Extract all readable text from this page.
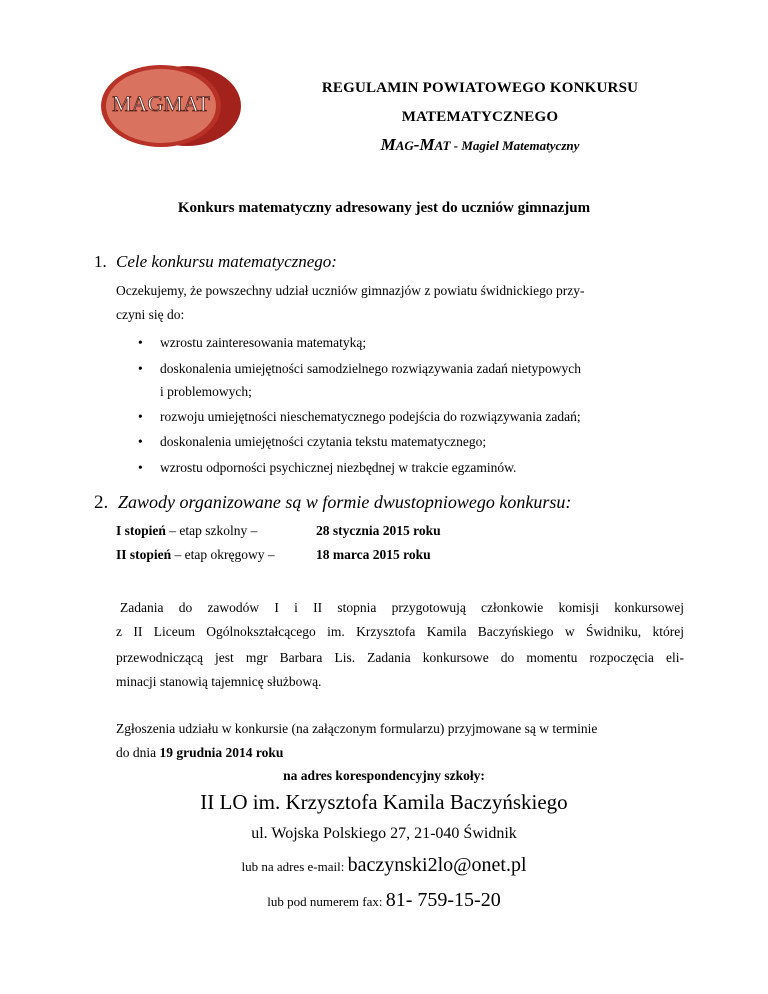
MAGMAT
REGULAMIN POWIATOWEGO KONKURSU
MATEMATYCZNEGO
MAG-MAT - Magiel Matematyczny
Konkurs matematyczny adresowany jest do uczniów gimnazjum
1. Cele konkursu matematycznego:
Oczekujemy, że powszechny udział uczniów gimnazjów z powiatu świdnickiego przy-
czyni się do:
• wzrostu zainteresowania matematyką;
• doskonalenia umiejętności samodzielnego rozwiązywania zadań nietypowych
i problemowych;
• rozwoju umiejętności nieschematycznego podejścia do rozwiązywania zadań;
• doskonalenia umiejętności czytania tekstu matematycznego;
• wzrostu odporności psychicznej niezbędnej w trakcie egzaminów.
2. Zawody organizowane są w formie dwustopniowego konkursu:
I stopień – etap szkolny –	28 stycznia 2015 roku
II stopień – etap okręgowy –	18 marca 2015 roku
Zadania do zawodów I i II stopnia przygotowują członkowie komisji konkursowej
z II Liceum Ogólnokształcącego im. Krzysztofa Kamila Baczyńskiego w Świdniku, której
przewodniczącą jest mgr Barbara Lis. Zadania konkursowe do momentu rozpoczęcia eli-
minacji stanowią tajemnicę służbową.
Zgłoszenia udziału w konkursie (na załączonym formularzu) przyjmowane są w terminie
do dnia 19 grudnia 2014 roku
na adres korespondencyjny szkoły:
II LO im. Krzysztofa Kamila Baczyńskiego
ul. Wojska Polskiego 27, 21-040 Świdnik
lub na adres e-mail: baczynski2lo@onet.pl
lub pod numerem fax: 81- 759-15-20
